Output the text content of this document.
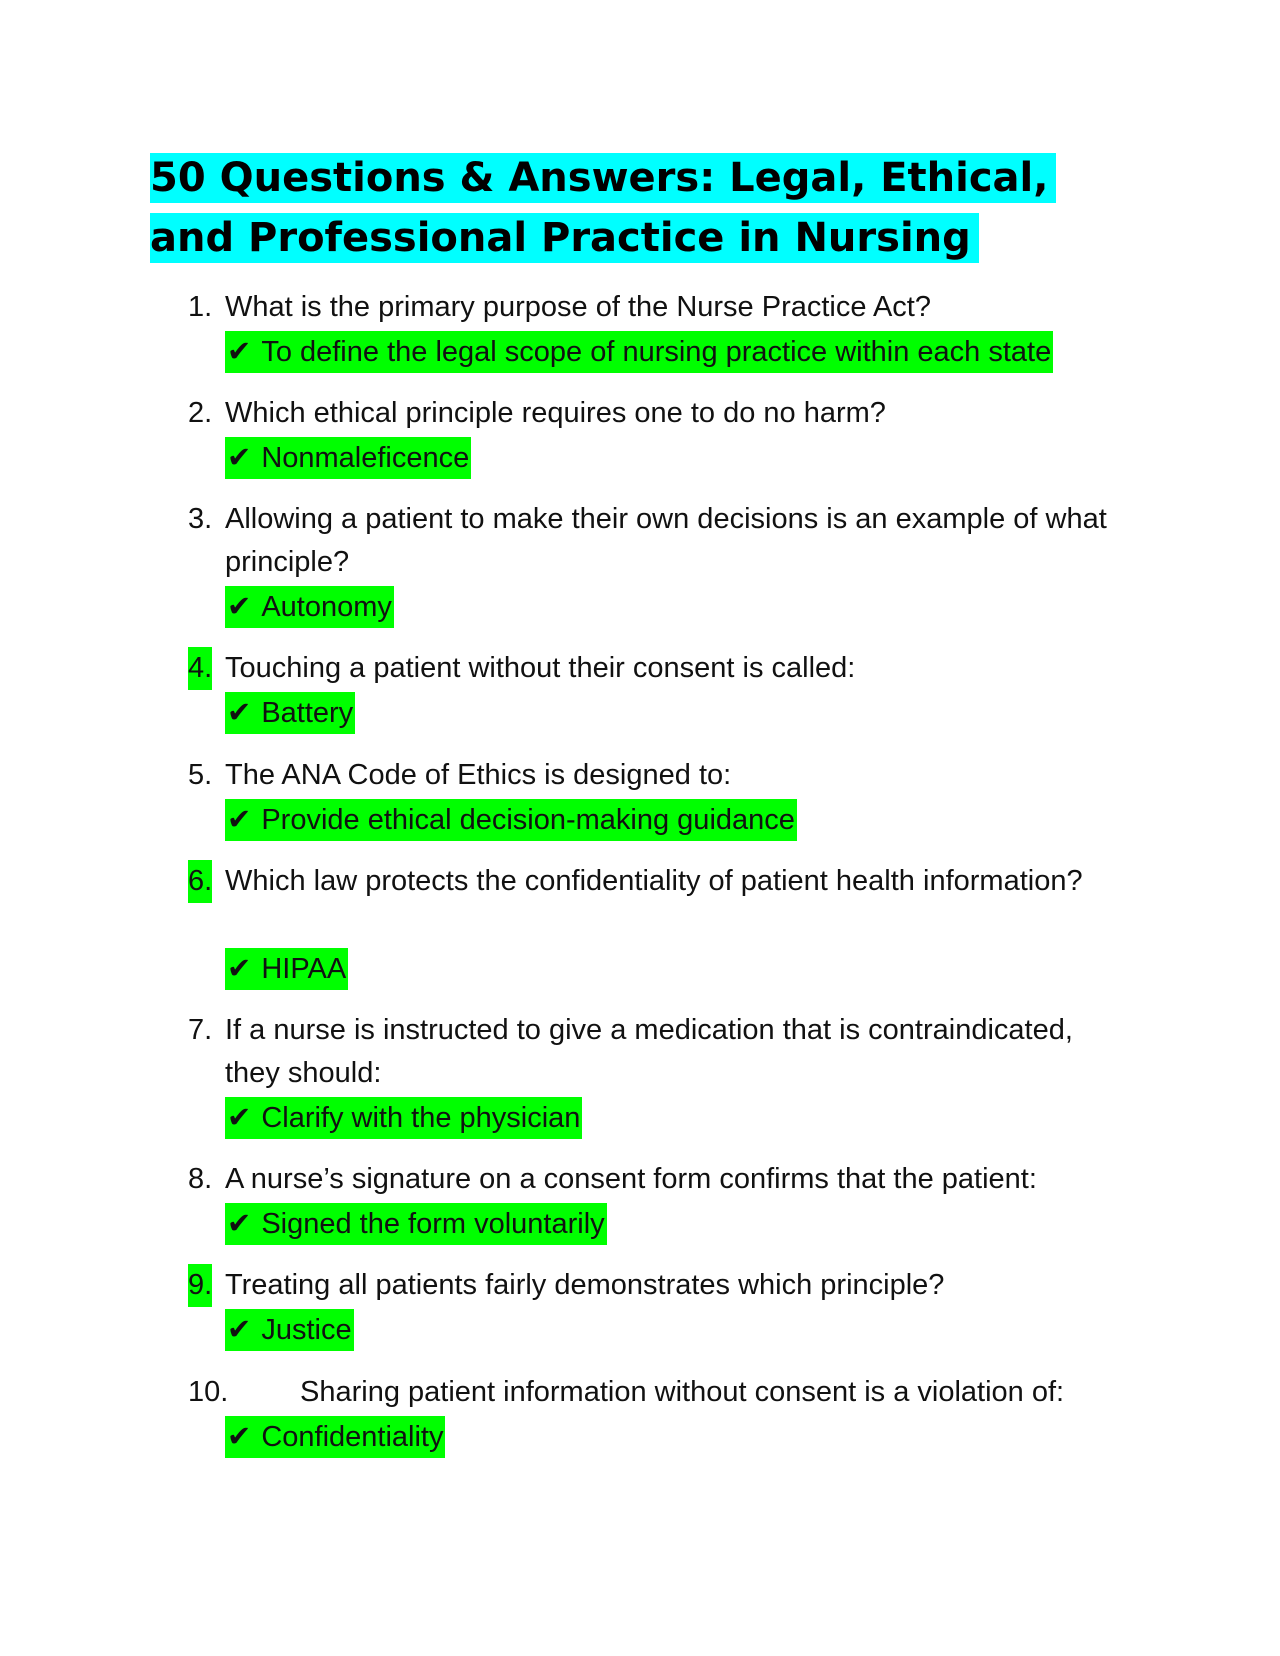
50 Questions & Answers: Legal, Ethical, and Professional Practice in Nursing
1. What is the primary purpose of the Nurse Practice Act?
✔ To define the legal scope of nursing practice within each state
2. Which ethical principle requires one to do no harm?
✔ Nonmaleficence
3. Allowing a patient to make their own decisions is an example of what principle?
✔ Autonomy
4. Touching a patient without their consent is called:
✔ Battery
5. The ANA Code of Ethics is designed to:
✔ Provide ethical decision-making guidance
6. Which law protects the confidentiality of patient health information?
✔ HIPAA
7. If a nurse is instructed to give a medication that is contraindicated, they should:
✔ Clarify with the physician
8. A nurse’s signature on a consent form confirms that the patient:
✔ Signed the form voluntarily
9. Treating all patients fairly demonstrates which principle?
✔ Justice
10. Sharing patient information without consent is a violation of:
✔ Confidentiality
